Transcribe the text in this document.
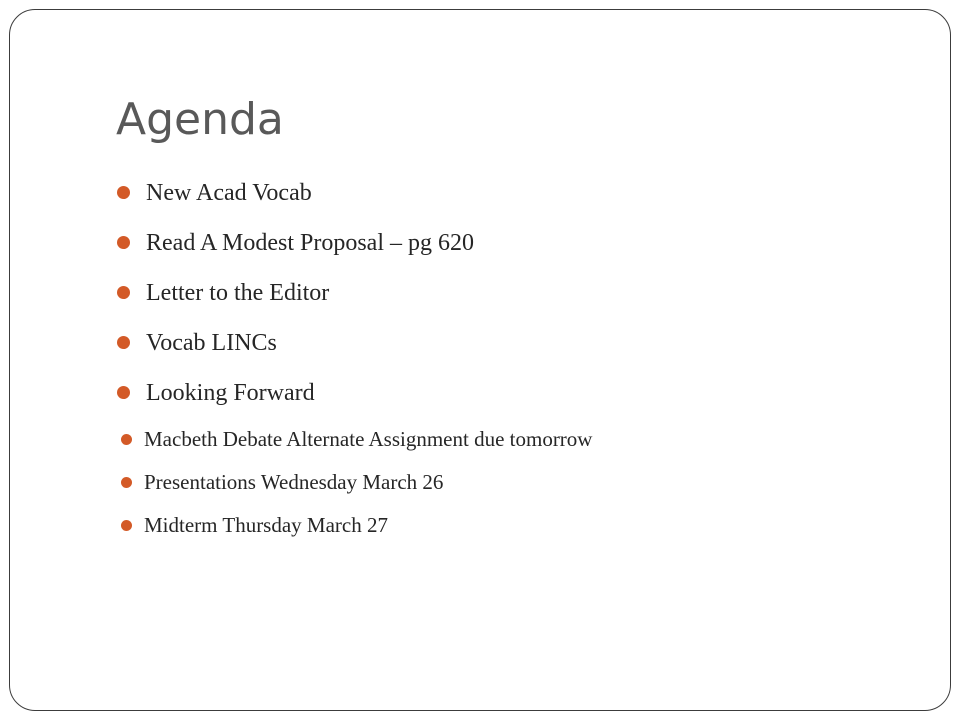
Agenda
New Acad Vocab
Read A Modest Proposal – pg 620
Letter to the Editor
Vocab LINCs
Looking Forward
Macbeth Debate Alternate Assignment due tomorrow
Presentations Wednesday March 26
Midterm Thursday March 27
